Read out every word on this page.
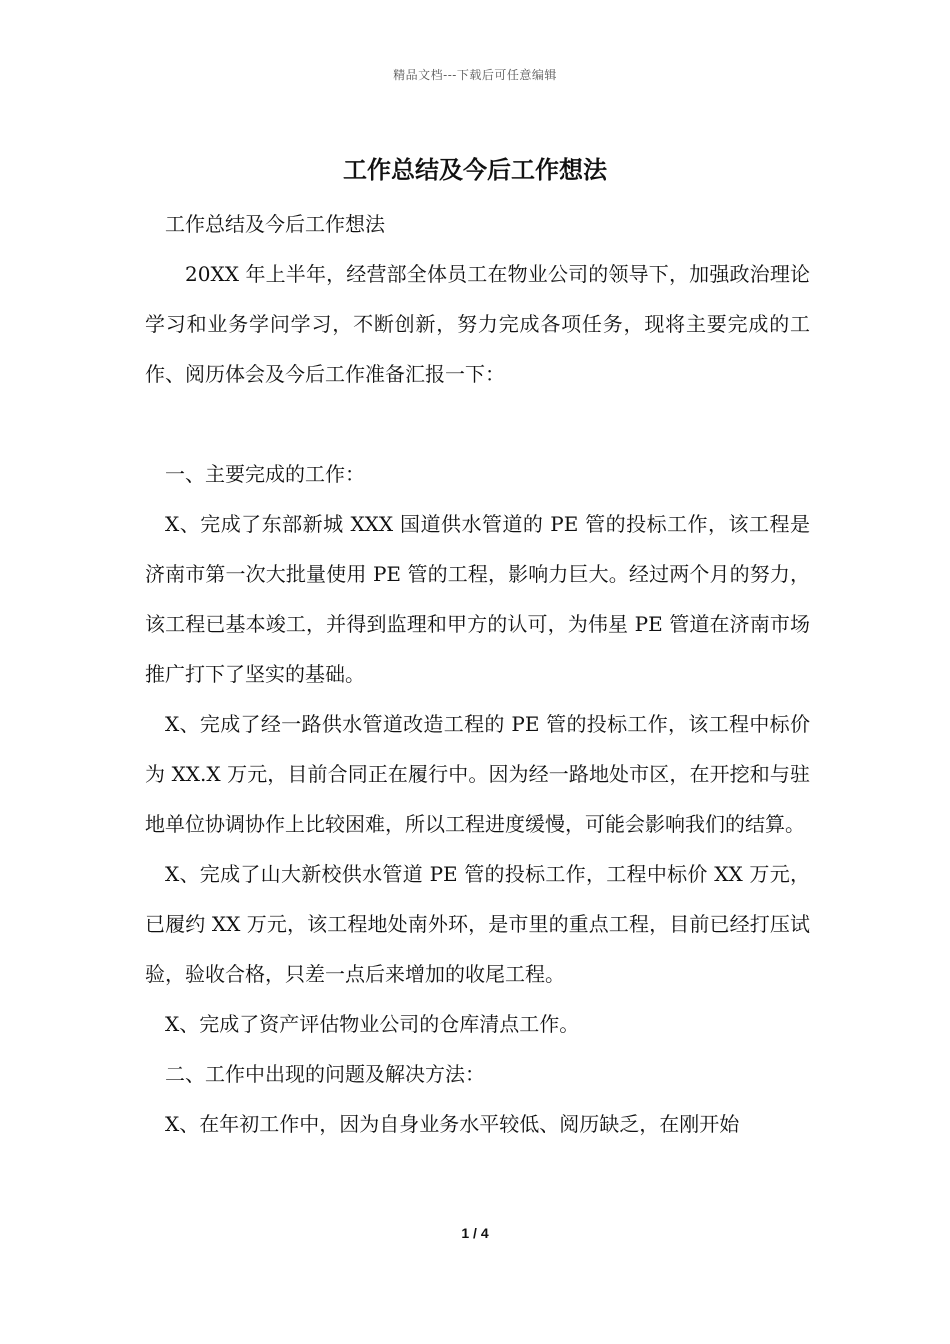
精品文档---下载后可任意编辑
工作总结及今后工作想法

工作总结及今后工作想法

20XX 年上半年，经营部全体员工在物业公司的领导下，加强政治理论学习和业务学问学习，不断创新，努力完成各项任务，现将主要完成的工作、阅历体会及今后工作准备汇报一下：

一、主要完成的工作：

X、完成了东部新城 XXX 国道供水管道的 PE 管的投标工作，该工程是济南市第一次大批量使用 PE 管的工程，影响力巨大。经过两个月的努力，该工程已基本竣工，并得到监理和甲方的认可，为伟星 PE 管道在济南市场推广打下了坚实的基础。

X、完成了经一路供水管道改造工程的 PE 管的投标工作，该工程中标价为 XX.X 万元，目前合同正在履行中。因为经一路地处市区，在开挖和与驻地单位协调协作上比较困难，所以工程进度缓慢，可能会影响我们的结算。

X、完成了山大新校供水管道 PE 管的投标工作，工程中标价 XX 万元，已履约 XX 万元，该工程地处南外环，是市里的重点工程，目前已经打压试验，验收合格，只差一点后来增加的收尾工程。

X、完成了资产评估物业公司的仓库清点工作。

二、工作中出现的问题及解决方法：

X、在年初工作中，因为自身业务水平较低、阅历缺乏，在刚开始

1 / 4
